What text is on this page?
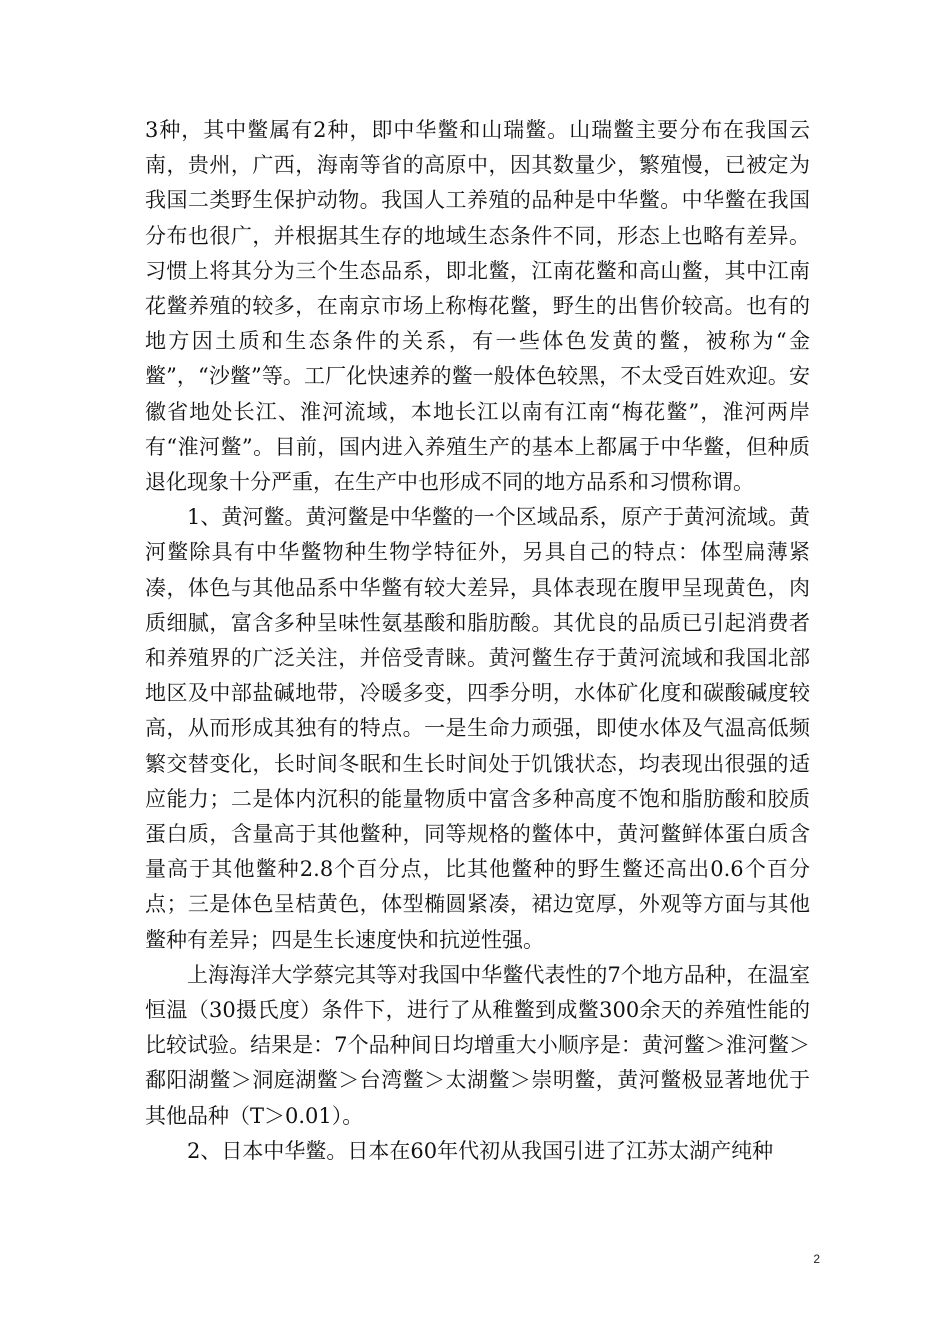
3种，其中鳖属有2种，即中华鳖和山瑞鳖。山瑞鳖主要分布在我国云南，贵州，广西，海南等省的高原中，因其数量少，繁殖慢，已被定为我国二类野生保护动物。我国人工养殖的品种是中华鳖。中华鳖在我国分布也很广，并根据其生存的地域生态条件不同，形态上也略有差异。习惯上将其分为三个生态品系，即北鳖，江南花鳖和高山鳖，其中江南花鳖养殖的较多，在南京市场上称梅花鳖，野生的出售价较高。也有的地方因土质和生态条件的关系，有一些体色发黄的鳖，被称为“金鳖”，“沙鳖”等。工厂化快速养的鳖一般体色较黑，不太受百姓欢迎。安徽省地处长江、淮河流域，本地长江以南有江南“梅花鳖”，淮河两岸有“淮河鳖”。目前，国内进入养殖生产的基本上都属于中华鳖，但种质退化现象十分严重，在生产中也形成不同的地方品系和习惯称谓。

1、黄河鳖。黄河鳖是中华鳖的一个区域品系，原产于黄河流域。黄河鳖除具有中华鳖物种生物学特征外，另具自己的特点：体型扁薄紧凑，体色与其他品系中华鳖有较大差异，具体表现在腹甲呈现黄色，肉质细腻，富含多种呈味性氨基酸和脂肪酸。其优良的品质已引起消费者和养殖界的广泛关注，并倍受青睐。黄河鳖生存于黄河流域和我国北部地区及中部盐碱地带，冷暖多变，四季分明，水体矿化度和碳酸碱度较高，从而形成其独有的特点。一是生命力顽强，即使水体及气温高低频繁交替变化，长时间冬眠和生长时间处于饥饿状态，均表现出很强的适应能力；二是体内沉积的能量物质中富含多种高度不饱和脂肪酸和胶质蛋白质，含量高于其他鳖种，同等规格的鳖体中，黄河鳖鲜体蛋白质含量高于其他鳖种2.8个百分点，比其他鳖种的野生鳖还高出0.6个百分点；三是体色呈桔黄色，体型椭圆紧凑，裙边宽厚，外观等方面与其他鳖种有差异；四是生长速度快和抗逆性强。

上海海洋大学蔡完其等对我国中华鳖代表性的7个地方品种，在温室恒温（30摄氏度）条件下，进行了从稚鳖到成鳖300余天的养殖性能的比较试验。结果是：7个品种间日均增重大小顺序是：黄河鳖＞淮河鳖＞鄱阳湖鳖＞洞庭湖鳖＞台湾鳖＞太湖鳖＞崇明鳖，黄河鳖极显著地优于其他品种（T＞0.01）。

2、日本中华鳖。日本在60年代初从我国引进了江苏太湖产纯种

2
